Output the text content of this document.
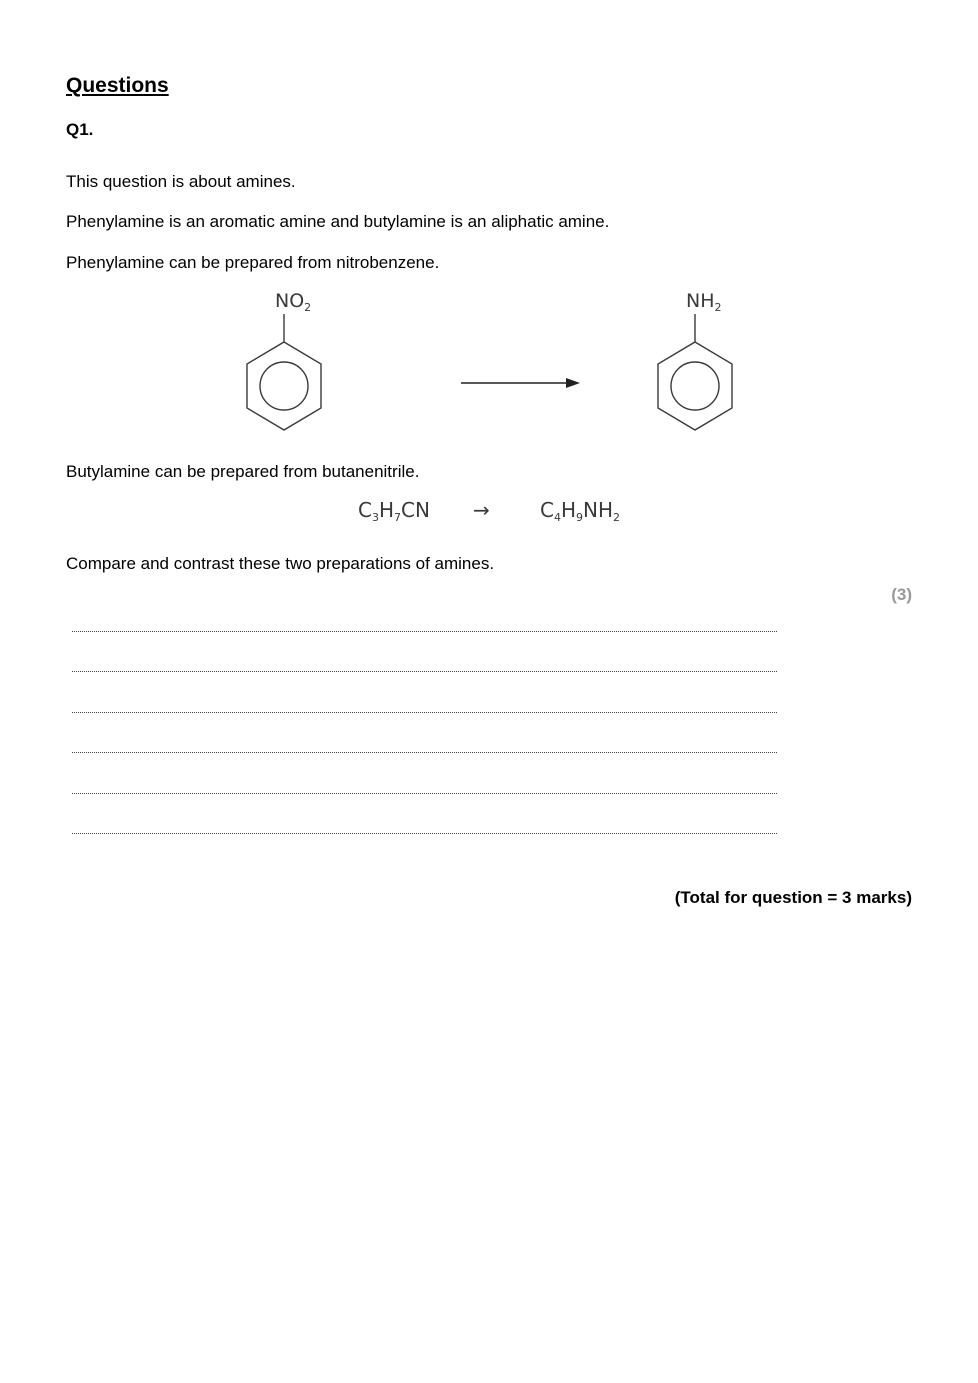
Questions
Q1.
This question is about amines.
Phenylamine is an aromatic amine and butylamine is an aliphatic amine.
Phenylamine can be prepared from nitrobenzene.
$NO_2$	$NH_2$
Butylamine can be prepared from butanenitrile.
$C_3H_7CN$ →	$C_4H_9NH_2$
Compare and contrast these two preparations of amines.
(3)
(Total for question = 3 marks)
